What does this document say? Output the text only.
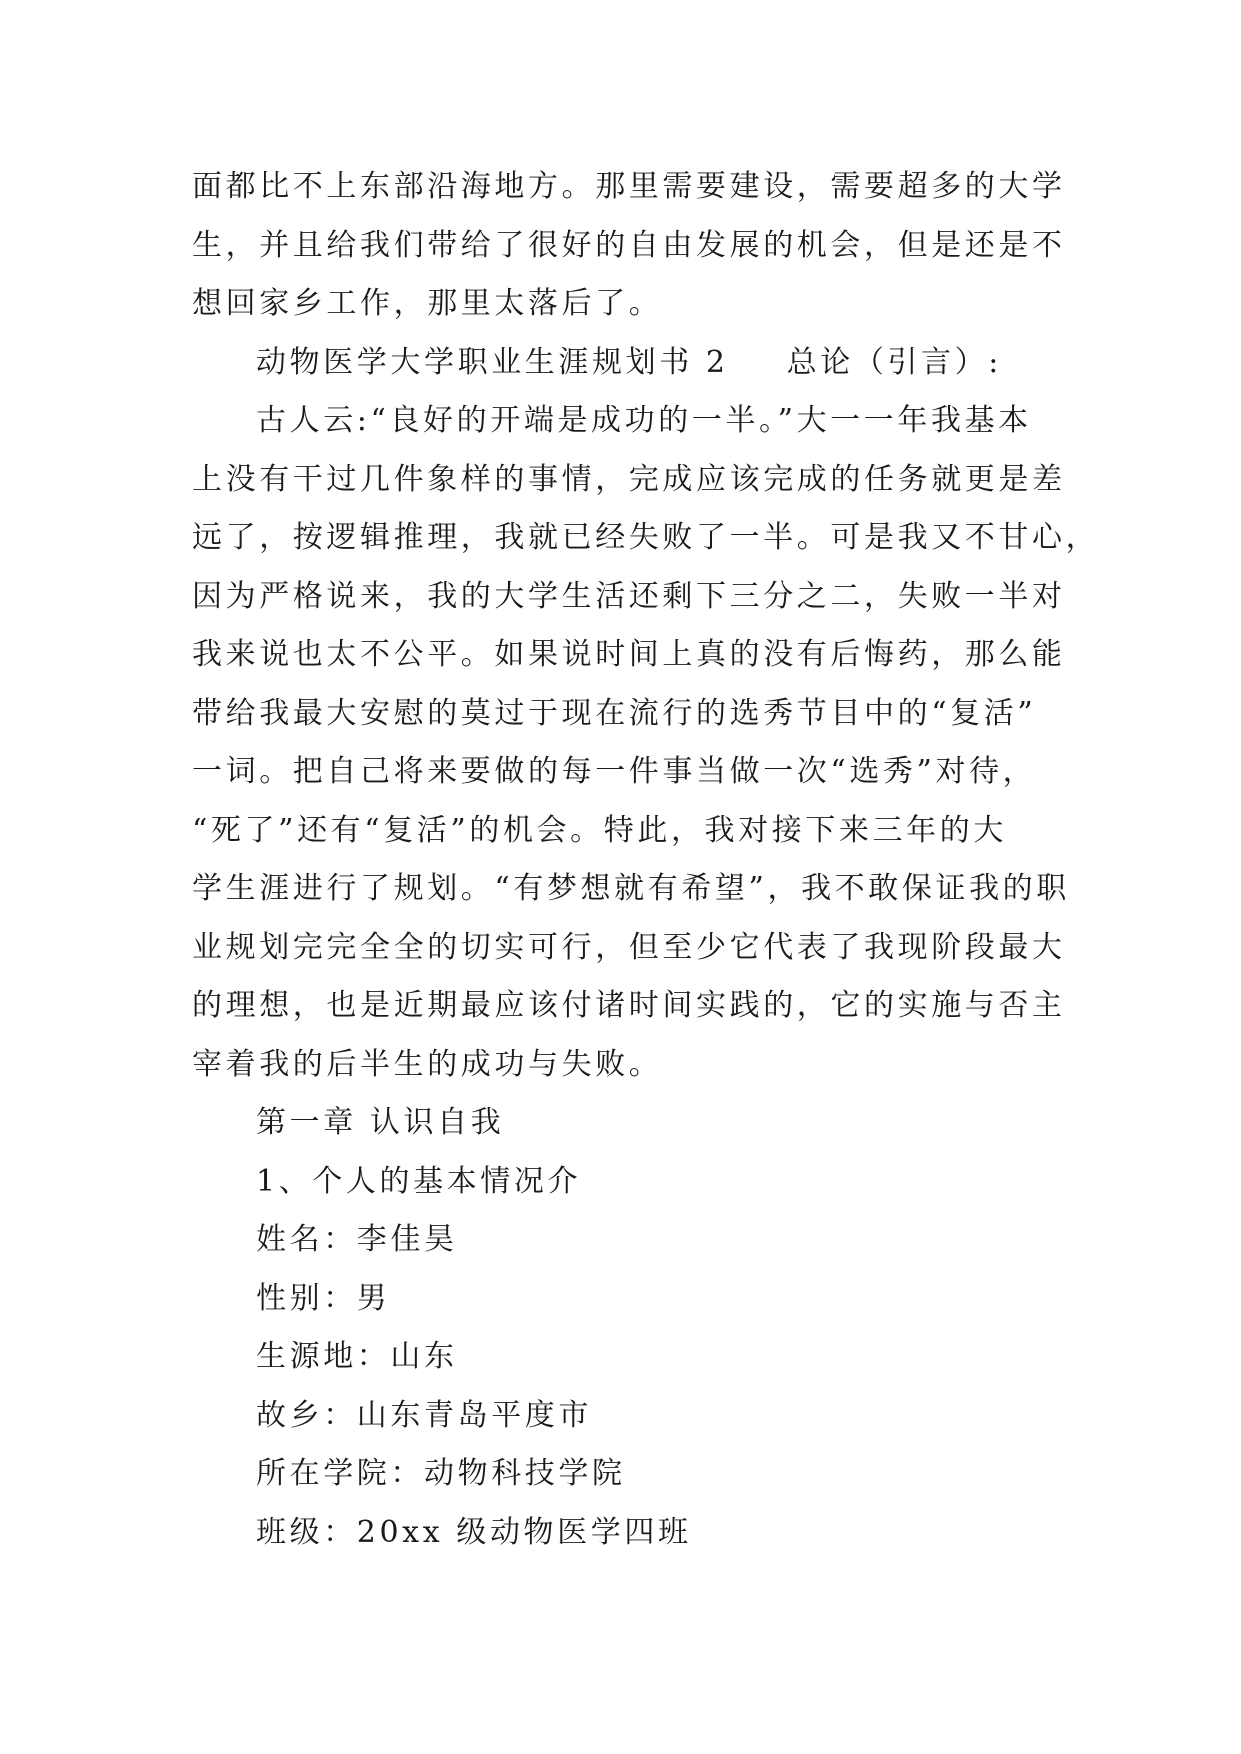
面都比不上东部沿海地方。那里需要建设，需要超多的大学

生，并且给我们带给了很好的自由发展的机会，但是还是不

想回家乡工作，那里太落后了。

动物医学大学职业生涯规划书 2 总论（引言）:

古人云:“良好的开端是成功的一半。”大一一年我基本

上没有干过几件象样的事情，完成应该完成的任务就更是差

远了，按逻辑推理，我就已经失败了一半。可是我又不甘心，

因为严格说来，我的大学生活还剩下三分之二，失败一半对

我来说也太不公平。如果说时间上真的没有后悔药，那么能

带给我最大安慰的莫过于现在流行的选秀节目中的“复活”

一词。把自己将来要做的每一件事当做一次“选秀”对待，

“死了”还有“复活”的机会。特此，我对接下来三年的大

学生涯进行了规划。“有梦想就有希望”，我不敢保证我的职

业规划完完全全的切实可行，但至少它代表了我现阶段最大

的理想，也是近期最应该付诸时间实践的，它的实施与否主

宰着我的后半生的成功与失败。

第一章 认识自我

1、个人的基本情况介

姓名：李佳昊

性别：男

生源地：山东

故乡：山东青岛平度市

所在学院：动物科技学院

班级：20xx 级动物医学四班
